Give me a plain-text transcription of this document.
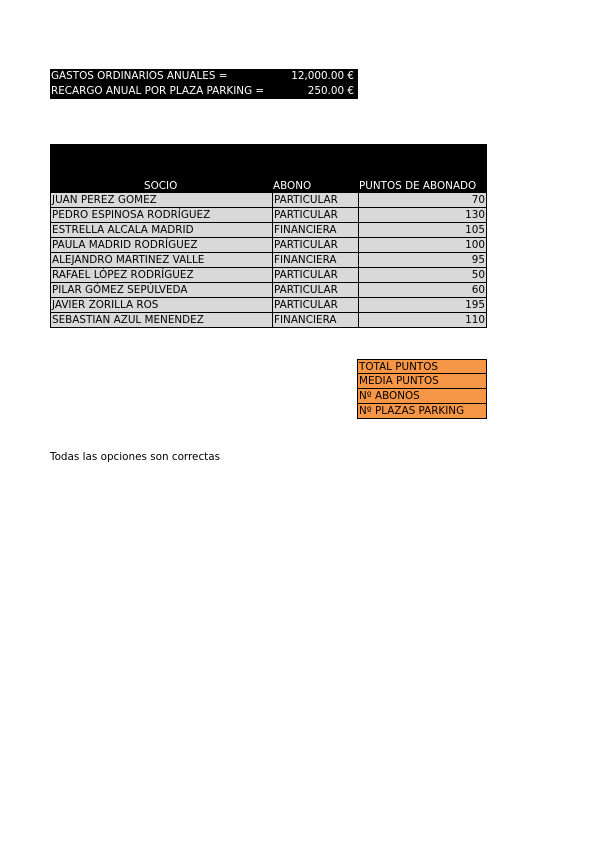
GASTOS ORDINARIOS ANUALES =	12,000.00 €
RECARGO ANUAL POR PLAZA PARKING =	250.00 €
SOCIO	ABONO	PUNTOS DE ABONADO
JUAN PEREZ GOMEZ	PARTICULAR	70
PEDRO ESPINOSA RODRÍGUEZ	PARTICULAR	130
ESTRELLA ALCALA MADRID	FINANCIERA	105
PAULA MADRID RODRÍGUEZ	PARTICULAR	100
ALEJANDRO MARTINEZ VALLE	FINANCIERA	95
RAFAEL LÓPEZ RODRÍGUEZ	PARTICULAR	50
PILAR GÓMEZ SEPÚLVEDA	PARTICULAR	60
JAVIER ZORILLA ROS	PARTICULAR	195
SEBASTIAN AZUL MENENDEZ	FINANCIERA	110
TOTAL PUNTOS
MEDIA PUNTOS
Nº ABONOS
Nº PLAZAS PARKING
Todas las opciones son correctas
